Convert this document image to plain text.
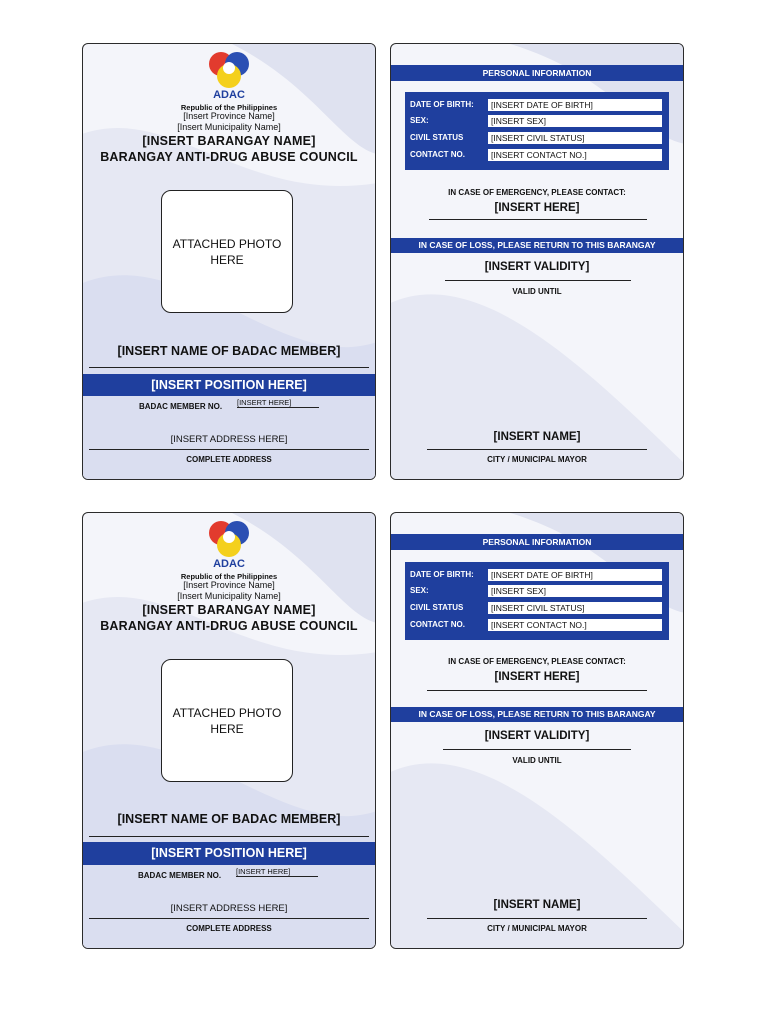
ADAC
Republic of the Philippines
[Insert Province Name]
[Insert Municipality Name]
[INSERT BARANGAY NAME]
BARANGAY ANTI-DRUG ABUSE COUNCIL
ATTACHED PHOTO
HERE
[INSERT NAME OF BADAC MEMBER]
[INSERT POSITION HERE]
BADAC MEMBER NO. [INSERT HERE]
[INSERT ADDRESS HERE]
COMPLETE ADDRESS
PERSONAL INFORMATION
DATE OF BIRTH:	[INSERT DATE OF BIRTH]
SEX:	[INSERT SEX]
CIVIL STATUS	[INSERT CIVIL STATUS]
CONTACT NO.	[INSERT CONTACT NO.]
IN CASE OF EMERGENCY, PLEASE CONTACT:
[INSERT HERE]
IN CASE OF LOSS, PLEASE RETURN TO THIS BARANGAY
[INSERT VALIDITY]
VALID UNTIL
[INSERT NAME]
CITY / MUNICIPAL MAYOR
ADAC
Republic of the Philippines
[Insert Province Name]
[Insert Municipality Name]
[INSERT BARANGAY NAME]
BARANGAY ANTI-DRUG ABUSE COUNCIL
ATTACHED PHOTO
HERE
[INSERT NAME OF BADAC MEMBER]
[INSERT POSITION HERE]
BADAC MEMBER NO. [INSERT HERE]
[INSERT ADDRESS HERE]
COMPLETE ADDRESS
PERSONAL INFORMATION
DATE OF BIRTH:	[INSERT DATE OF BIRTH]
SEX:	[INSERT SEX]
CIVIL STATUS	[INSERT CIVIL STATUS]
CONTACT NO.	[INSERT CONTACT NO.]
IN CASE OF EMERGENCY, PLEASE CONTACT:
[INSERT HERE]
IN CASE OF LOSS, PLEASE RETURN TO THIS BARANGAY
[INSERT VALIDITY]
VALID UNTIL
[INSERT NAME]
CITY / MUNICIPAL MAYOR
